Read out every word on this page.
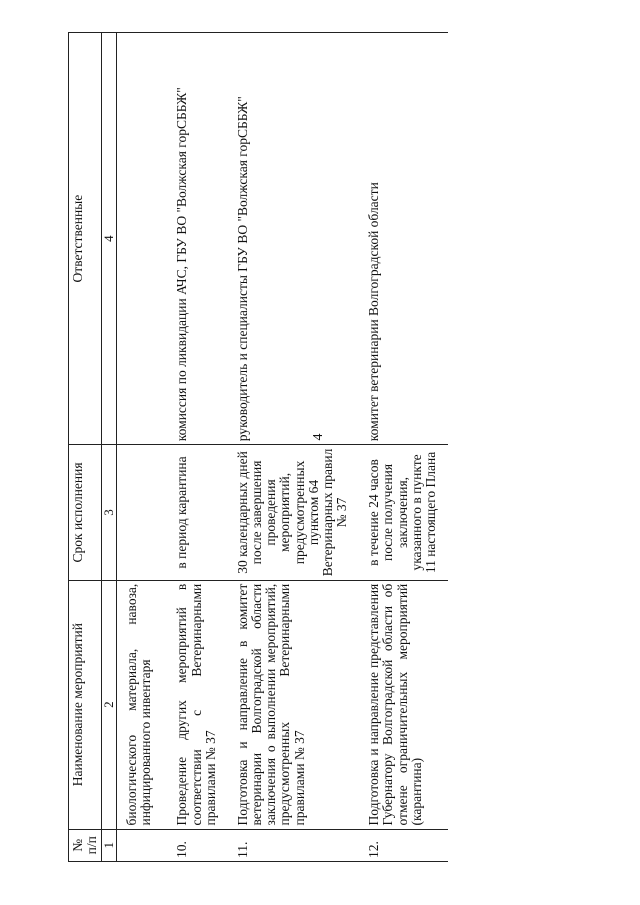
4
№ п/п	Наименование мероприятий	Срок исполнения	Ответственные
1	2	3	4
	биологического материала, навоза, инфицированного инвентаря		
10.	Проведение других мероприятий в соответствии с Ветеринарными правилами № 37	в период карантина	комиссия по ликвидации АЧС, ГБУ ВО "Волжская горСББЖ"
11.	Подготовка и направление в комитет ветеринарии Волгоградской области заключения о выполнении мероприятий, предусмотренных Ветеринарными правилами № 37	30 календарных дней после завершения проведения мероприятий, предусмотренных пунктом 64 Ветеринарных правил № 37	руководитель и специалисты ГБУ ВО "Волжская горСББЖ"
12.	Подготовка и направление представления Губернатору Волгоградской области об отмене ограничительных мероприятий (карантина)	в течение 24 часов после получения заключения, указанного в пункте 11 настоящего Плана	комитет ветеринарии Волгоградской области
